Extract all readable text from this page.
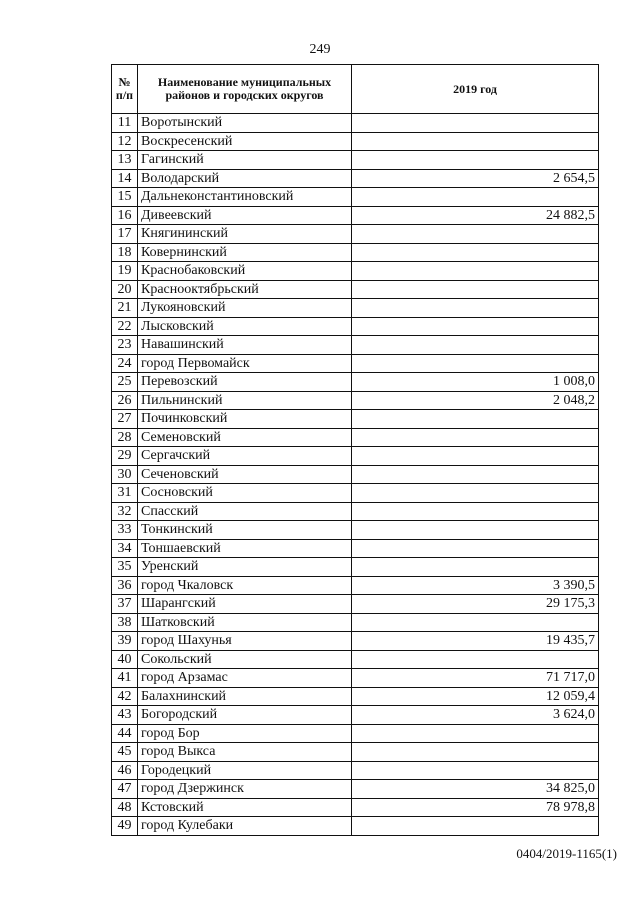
249
№ п/п	Наименование муниципальных районов и городских округов	2019 год
11	Воротынский	
12	Воскресенский	
13	Гагинский	
14	Володарский	2 654,5
15	Дальнеконстантиновский	
16	Дивеевский	24 882,5
17	Княгининский	
18	Ковернинский	
19	Краснобаковский	
20	Краснооктябрьский	
21	Лукояновский	
22	Лысковский	
23	Навашинский	
24	город Первомайск	
25	Перевозский	1 008,0
26	Пильнинский	2 048,2
27	Починковский	
28	Семеновский	
29	Сергачский	
30	Сеченовский	
31	Сосновский	
32	Спасский	
33	Тонкинский	
34	Тоншаевский	
35	Уренский	
36	город Чкаловск	3 390,5
37	Шарангский	29 175,3
38	Шатковский	
39	город Шахунья	19 435,7
40	Сокольский	
41	город Арзамас	71 717,0
42	Балахнинский	12 059,4
43	Богородский	3 624,0
44	город Бор	
45	город Выкса	
46	Городецкий	
47	город Дзержинск	34 825,0
48	Кстовский	78 978,8
49	город Кулебаки	
0404/2019-1165(1)
